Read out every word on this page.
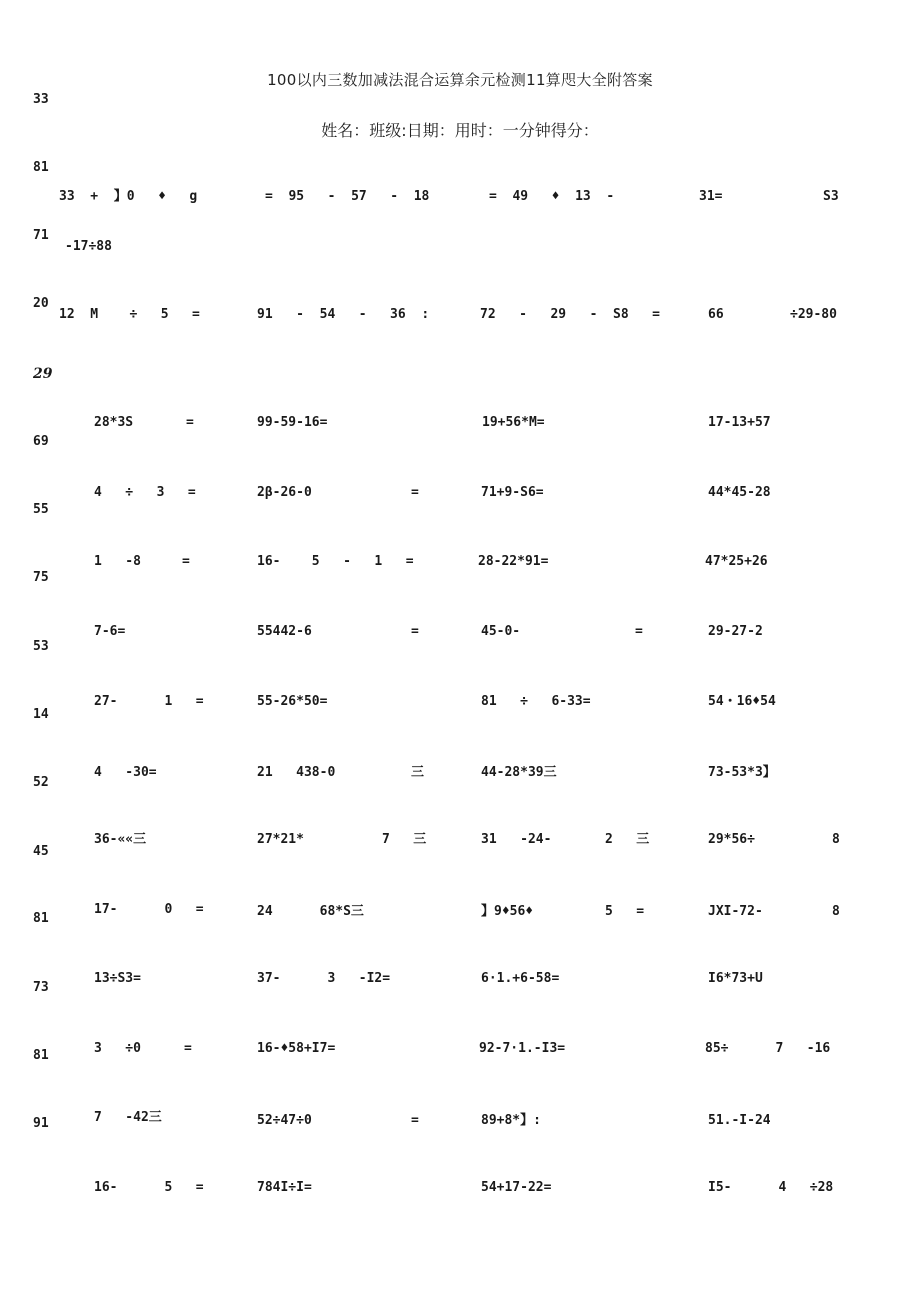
100以内三数加减法混合运算余元检测11算咫大全附答案
姓名：班级:日期：用时：一分钟得分：
33
81
71
20
29
69
55
75
53
14
52
45
81
73
81
91
33  +  】0   ♦   g	=  95   -  57   -  18	=  49   ♦  13  -	31=	S3
-17÷88
12  M    ÷   5   =	91   -  54   -   36  :	72   -   29   -  S8   =	66	÷29-80
28*3S	=	99-59-16=	19+56*M=	17-13+57
4   ÷   3   =	2β-26-0	=	71+9-S6=	44*45-28
1   -8	=	16-    5   -   1   =	28-22*91=	47*25+26
7-6=	55442-6	=	45-0-	=	29-27-2
27-      1   =	55-26*50=	81   ÷   6-33=	54・16♦54
4   -30=	21   438-0	三	44-28*39三	73-53*3】
36-««三	27*21*	7   三	31   -24-	2   三	29*56÷	8
17-      0   =	24      68*S三	】9♦56♦	5   =	JXI-72-	8
13÷S3=	37-      3   -I2=	6·1.+6-58=	I6*73+U
3   ÷0	=	16-♦58+I7=	92-7·1.-I3=	85÷      7   -16
7   -42三	52÷47÷0	=	89+8*】:	51.-I-24
16-      5   =	784I÷I=	54+17-22=	I5-      4   ÷28
